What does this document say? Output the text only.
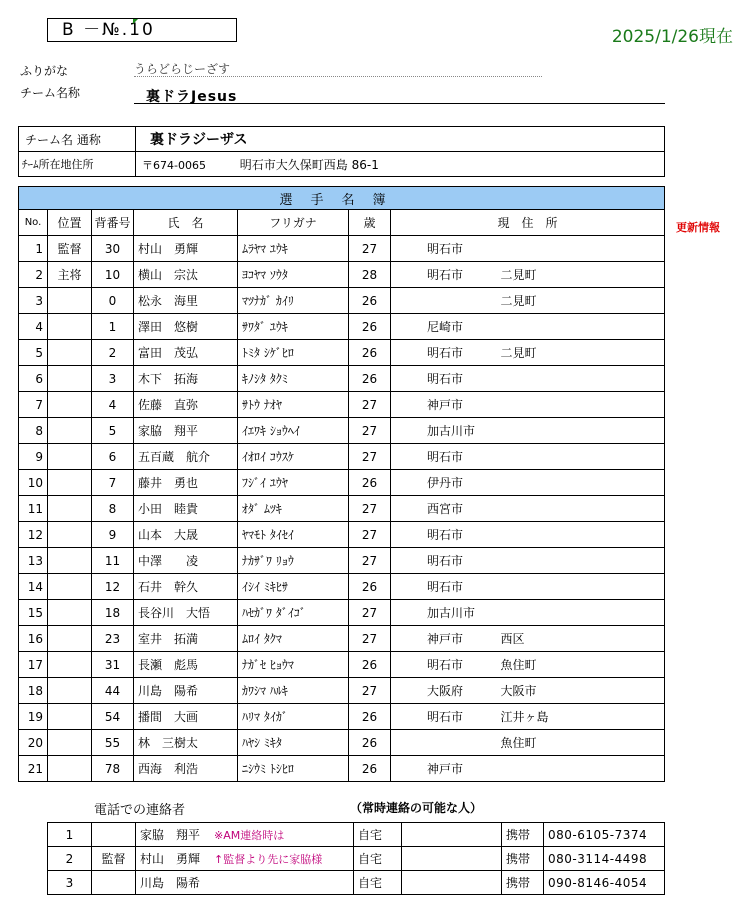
B －№.10	2025/1/26現在
ふりがな	うらどらじーざす
チーム名称	裏ドラJesus
チーム名 通称	裏ドラジーザス
ﾁｰﾑ所在地住所	〒674-0065 明石市大久保町西島 86-1
選手名簿							
No.	位置	背番号	氏　名	フリガナ	歳	現　住　所	
1	監督	30	村山　勇輝	ﾑﾗﾔﾏ ﾕｳｷ	27	明石市	
2	主将	10	横山　宗汰	ﾖｺﾔﾏ ｿｳﾀ	28	明石市	二見町
3		0	松永　海里	ﾏﾂﾅｶﾞ ｶｲﾘ	26		二見町
4		1	澤田　悠樹	ｻﾜﾀﾞ ﾕｳｷ	26	尼崎市	
5		2	富田　茂弘	ﾄﾐﾀ ｼｹﾞﾋﾛ	26	明石市	二見町
6		3	木下　拓海	ｷﾉｼﾀ ﾀｸﾐ	26	明石市	
7		4	佐藤　直弥	ｻﾄｳ ﾅｵﾔ	27	神戸市	
8		5	家脇　翔平	ｲｴﾜｷ ｼｮｳﾍｲ	27	加古川市	
9		6	五百蔵　航介	ｲｵﾛｲ ｺｳｽｹ	27	明石市	
10		7	藤井　勇也	ﾌｼﾞｲ ﾕｳﾔ	26	伊丹市	
11		8	小田　睦貴	ｵﾀﾞ ﾑﾂｷ	27	西宮市	
12		9	山本　大晟	ﾔﾏﾓﾄ ﾀｲｾｲ	27	明石市	
13		11	中澤　　凌	ﾅｶｻﾞﾜ ﾘｮｳ	27	明石市	
14		12	石井　幹久	ｲｼｲ ﾐｷﾋｻ	26	明石市	
15		18	長谷川　大悟	ﾊｾｶﾞﾜ ﾀﾞｲｺﾞ	27	加古川市	
16		23	室井　拓満	ﾑﾛｲ ﾀｸﾏ	27	神戸市	西区
17		31	長瀬　彪馬	ﾅｶﾞｾ ﾋｮｳﾏ	26	明石市	魚住町
18		44	川島　陽希	ｶﾜｼﾏ ﾊﾙｷ	27	大阪府	大阪市
19		54	播間　大画	ﾊﾘﾏ ﾀｲｶﾞ	26	明石市	江井ヶ島
20		55	林　三樹太	ﾊﾔｼ ﾐｷﾀ	26		魚住町
21		78	西海　利浩	ﾆｼｳﾐ ﾄｼﾋﾛ	26	神戸市	
更新情報
電話での連絡者	（常時連絡の可能な人）
1		家脇　翔平 ※AM連絡時は	自宅		携帯	080-6105-7374
2	監督	村山　勇輝 ↑監督より先に家脇様	自宅		携帯	080-3114-4498
3		川島　陽希	自宅		携帯	090-8146-4054
